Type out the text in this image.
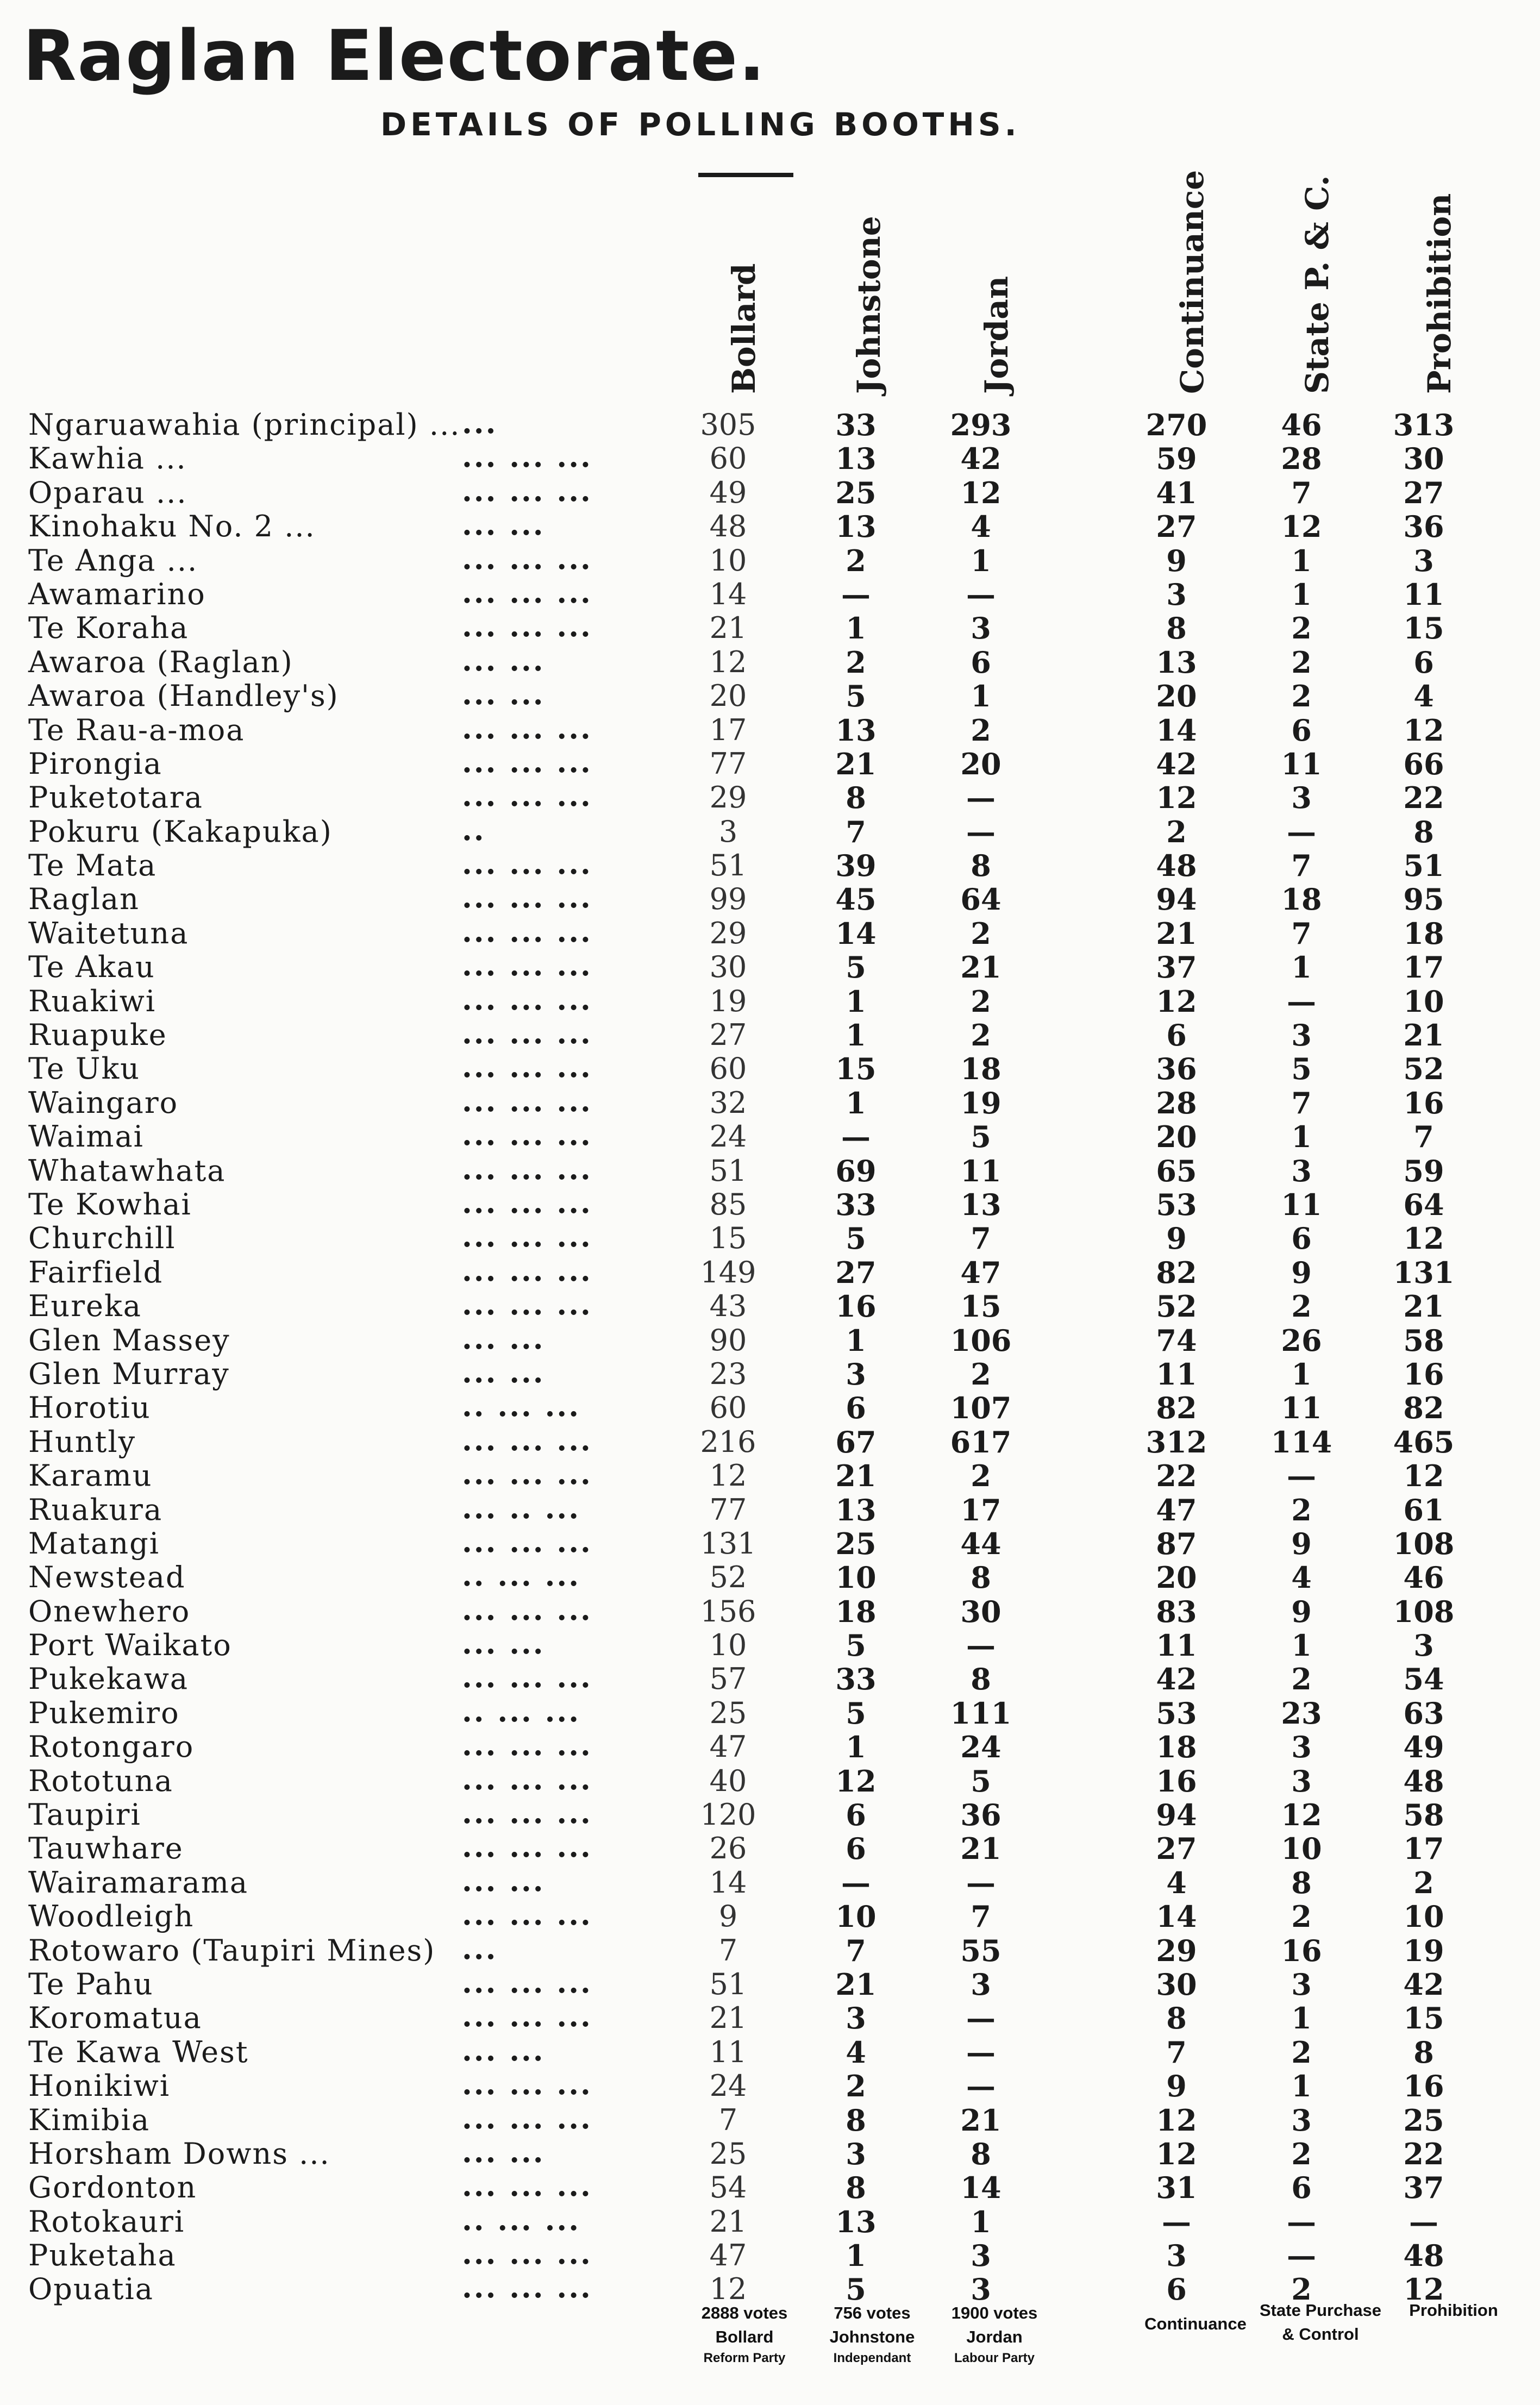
Raglan Electorate.
DETAILS OF POLLING BOOTHS.
Bollard	Johnstone	Jordan	Continuance	State P. & C.	Prohibition
Ngaruawahia (principal) ... ...	305	33	293	270	46	313
Kawhia ...	... ... ...	60	13	42	59	28	30
Oparau ...	... ... ...	49	25	12	41	7	27
Kinohaku No. 2 ...	... ...	48	13	4	27	12	36
Te Anga ...	... ... ...	10	2	1	9	1	3
Awamarino	... ... ...	14	—	—	3	1	11
Te Koraha	... ... ...	21	1	3	8	2	15
Awaroa (Raglan)	... ...	12	2	6	13	2	6
Awaroa (Handley's)	... ...	20	5	1	20	2	4
Te Rau-a-moa	... ... ...	17	13	2	14	6	12
Pirongia	... ... ...	77	21	20	42	11	66
Puketotara	... ... ...	29	8	—	12	3	22
Pokuru (Kakapuka)	..	3	7	—	2	—	8
Te Mata	... ... ...	51	39	8	48	7	51
Raglan	... ... ...	99	45	64	94	18	95
Waitetuna	... ... ...	29	14	2	21	7	18
Te Akau	... ... ...	30	5	21	37	1	17
Ruakiwi	... ... ...	19	1	2	12	—	10
Ruapuke	... ... ...	27	1	2	6	3	21
Te Uku	... ... ...	60	15	18	36	5	52
Waingaro	... ... ...	32	1	19	28	7	16
Waimai	... ... ...	24	—	5	20	1	7
Whatawhata	... ... ...	51	69	11	65	3	59
Te Kowhai	... ... ...	85	33	13	53	11	64
Churchill	... ... ...	15	5	7	9	6	12
Fairfield	... ... ...	149	27	47	82	9	131
Eureka	... ... ...	43	16	15	52	2	21
Glen Massey	... ...	90	1	106	74	26	58
Glen Murray	... ...	23	3	2	11	1	16
Horotiu	.. ... ...	60	6	107	82	11	82
Huntly	... ... ...	216	67	617	312	114	465
Karamu	... ... ...	12	21	2	22	—	12
Ruakura	... .. ...	77	13	17	47	2	61
Matangi	... ... ...	131	25	44	87	9	108
Newstead	.. ... ...	52	10	8	20	4	46
Onewhero	... ... ...	156	18	30	83	9	108
Port Waikato	... ...	10	5	—	11	1	3
Pukekawa	... ... ...	57	33	8	42	2	54
Pukemiro	.. ... ...	25	5	111	53	23	63
Rotongaro	... ... ...	47	1	24	18	3	49
Rototuna	... ... ...	40	12	5	16	3	48
Taupiri	... ... ...	120	6	36	94	12	58
Tauwhare	... ... ...	26	6	21	27	10	17
Wairamarama	... ...	14	—	—	4	8	2
Woodleigh	... ... ...	9	10	7	14	2	10
Rotowaro (Taupiri Mines) ...	7	7	55	29	16	19
Te Pahu	... ... ...	51	21	3	30	3	42
Koromatua	... ... ...	21	3	—	8	1	15
Te Kawa West	... ...	11	4	—	7	2	8
Honikiwi	... ... ...	24	2	—	9	1	16
Kimibia	... ... ...	7	8	21	12	3	25
Horsham Downs ...	... ...	25	3	8	12	2	22
Gordonton	... ... ...	54	8	14	31	6	37
Rotokauri	.. ... ...	21	13	1	—	—	—
Puketaha	... ... ...	47	1	3	3	—	48
Opuatia	... ... ...	12	5	3	6	2	12
2888 votes
Bollard
Reform Party
756 votes
Johnstone
Independant
1900 votes
Jordan
Labour Party
Continuance
State Purchase
& Control
Prohibition
